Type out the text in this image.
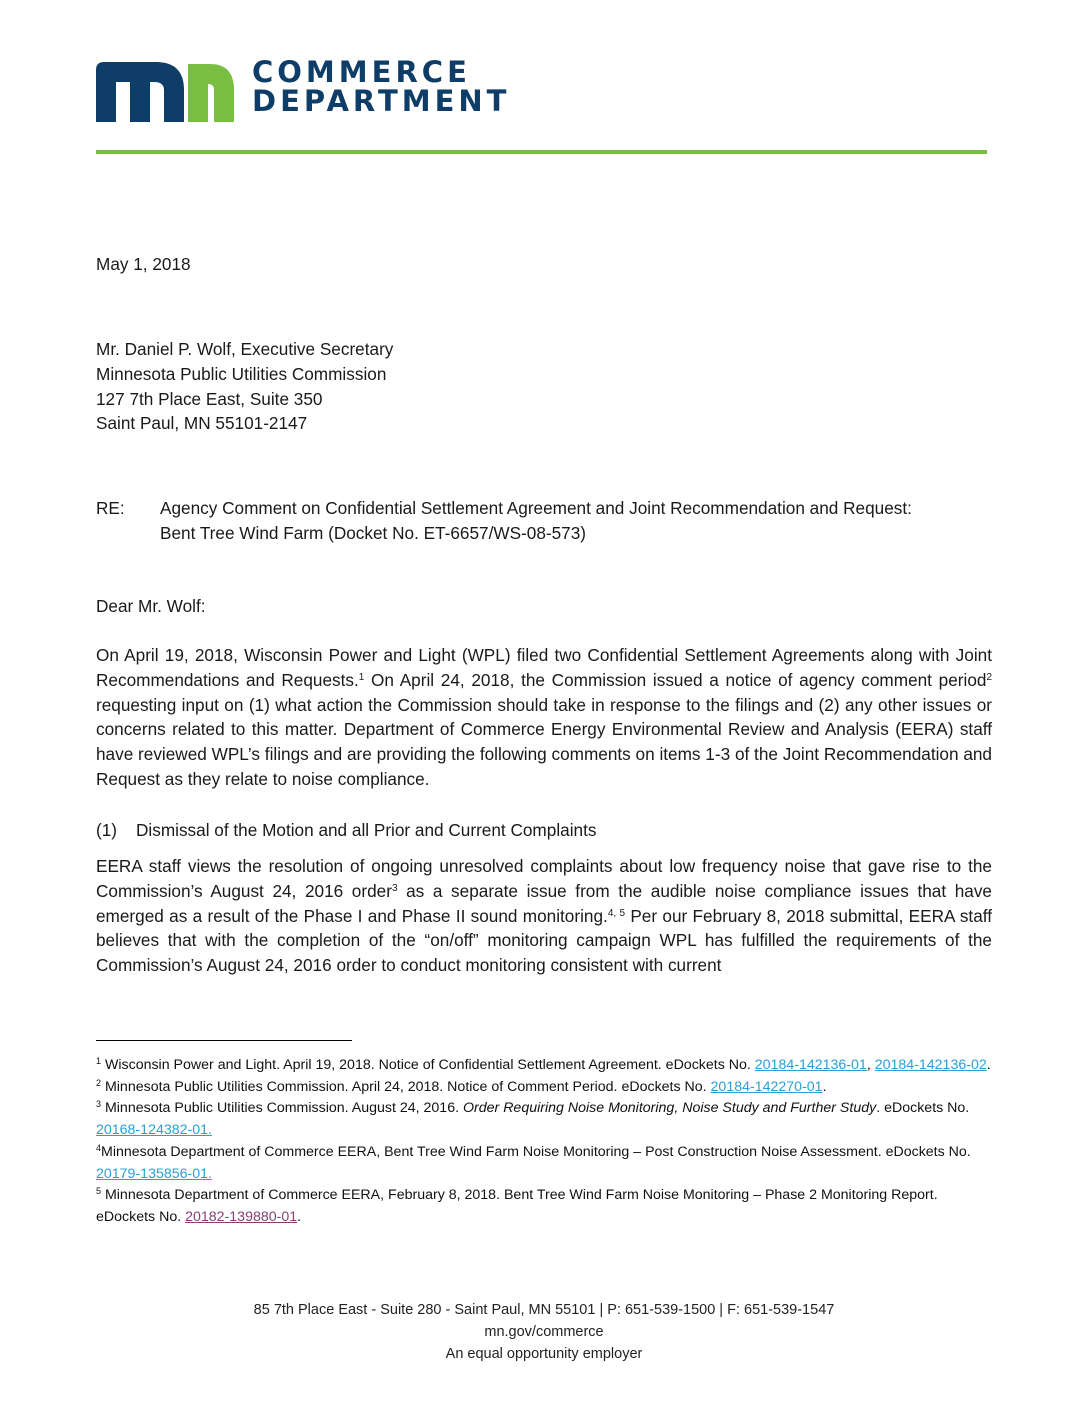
COMMERCE
DEPARTMENT
May 1, 2018
Mr. Daniel P. Wolf, Executive Secretary
Minnesota Public Utilities Commission
127 7th Place East, Suite 350
Saint Paul, MN 55101-2147
RE: Agency Comment on Confidential Settlement Agreement and Joint Recommendation and Request:
Bent Tree Wind Farm (Docket No. ET-6657/WS-08-573)
Dear Mr. Wolf:
On April 19, 2018, Wisconsin Power and Light (WPL) filed two Confidential Settlement Agreements along with Joint Recommendations and Requests.$^1$ On April 24, 2018, the Commission issued a notice of agency comment period$^2$ requesting input on (1) what action the Commission should take in response to the filings and (2) any other issues or concerns related to this matter. Department of Commerce Energy Environmental Review and Analysis (EERA) staff have reviewed WPL’s filings and are providing the following comments on items 1-3 of the Joint Recommendation and Request as they relate to noise compliance.
(1) Dismissal of the Motion and all Prior and Current Complaints
EERA staff views the resolution of ongoing unresolved complaints about low frequency noise that gave rise to the Commission’s August 24, 2016 order$^3$ as a separate issue from the audible noise compliance issues that have emerged as a result of the Phase I and Phase II sound monitoring.$^{4, 5}$ Per our February 8, 2018 submittal, EERA staff believes that with the completion of the “on/off” monitoring campaign WPL has fulfilled the requirements of the Commission’s August 24, 2016 order to conduct monitoring consistent with current

$^1$ Wisconsin Power and Light. April 19, 2018. Notice of Confidential Settlement Agreement. eDockets No. 20184-142136-01, 20184-142136-02.

$^2$ Minnesota Public Utilities Commission. April 24, 2018. Notice of Comment Period. eDockets No. 20184-142270-01.

$^3$ Minnesota Public Utilities Commission. August 24, 2016. Order Requiring Noise Monitoring, Noise Study and Further Study. eDockets No. 20168-124382-01.

$^4$Minnesota Department of Commerce EERA, Bent Tree Wind Farm Noise Monitoring – Post Construction Noise Assessment. eDockets No. 20179-135856-01.

$^5$ Minnesota Department of Commerce EERA, February 8, 2018. Bent Tree Wind Farm Noise Monitoring – Phase 2 Monitoring Report. eDockets No. 20182-139880-01.

85 7th Place East - Suite 280 - Saint Paul, MN 55101 | P: 651-539-1500 | F: 651-539-1547
mn.gov/commerce
An equal opportunity employer
